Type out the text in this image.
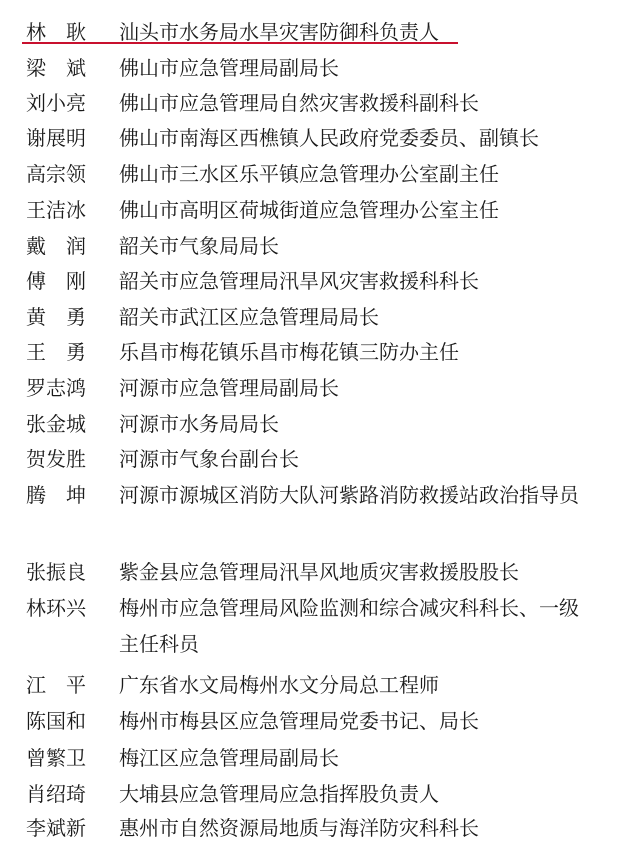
林　耿	汕头市水务局水旱灾害防御科负责人
梁　斌	佛山市应急管理局副局长
刘小亮	佛山市应急管理局自然灾害救援科副科长
谢展明	佛山市南海区西樵镇人民政府党委委员、副镇长
高宗领	佛山市三水区乐平镇应急管理办公室副主任
王洁冰	佛山市高明区荷城街道应急管理办公室主任
戴　润	韶关市气象局局长
傅　刚	韶关市应急管理局汛旱风灾害救援科科长
黄　勇	韶关市武江区应急管理局局长
王　勇	乐昌市梅花镇乐昌市梅花镇三防办主任
罗志鸿	河源市应急管理局副局长
张金城	河源市水务局局长
贺发胜	河源市气象台副台长
腾　坤	河源市源城区消防大队河紫路消防救援站政治指导员
张振良	紫金县应急管理局汛旱风地质灾害救援股股长
林环兴	梅州市应急管理局风险监测和综合减灾科科长、一级主任科员
江　平	广东省水文局梅州水文分局总工程师
陈国和	梅州市梅县区应急管理局党委书记、局长
曾繁卫	梅江区应急管理局副局长
肖绍琦	大埔县应急管理局应急指挥股负责人
李斌新	惠州市自然资源局地质与海洋防灾科科长
